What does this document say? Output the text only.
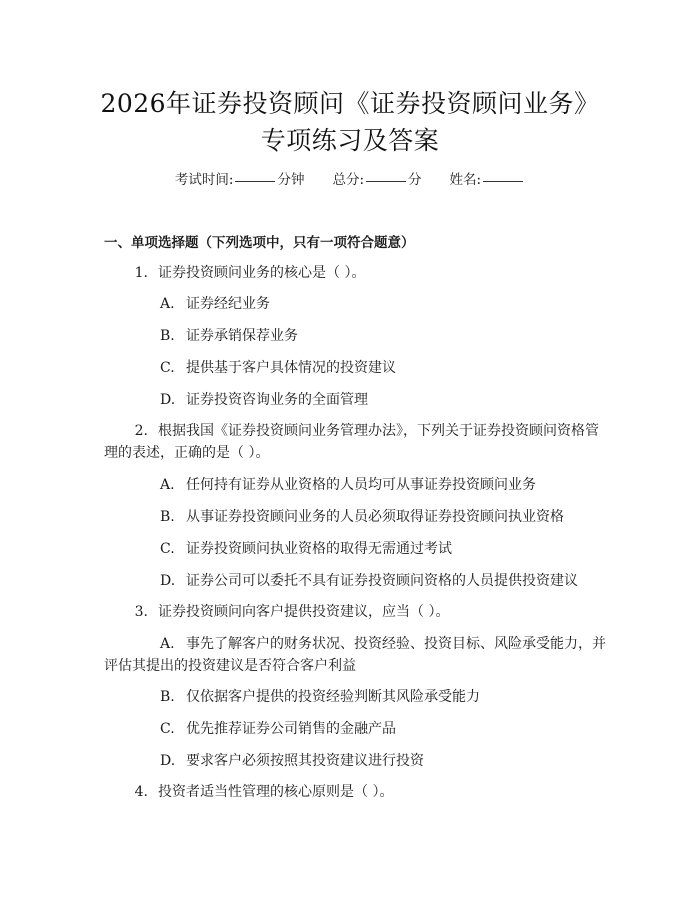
2026年证券投资顾问《证券投资顾问业务》
专项练习及答案
考试时间:	分钟 总分:	分 姓名:
一、单项选择题（下列选项中，只有一项符合题意）
1. 证券投资顾问业务的核心是（ ）。
A. 证券经纪业务
B. 证券承销保荐业务
C. 提供基于客户具体情况的投资建议
D. 证券投资咨询业务的全面管理
2. 根据我国《证券投资顾问业务管理办法》，下列关于证券投资顾问资格管
理的表述，正确的是（ ）。
A. 任何持有证券从业资格的人员均可从事证券投资顾问业务
B. 从事证券投资顾问业务的人员必须取得证券投资顾问执业资格
C. 证券投资顾问执业资格的取得无需通过考试
D. 证券公司可以委托不具有证券投资顾问资格的人员提供投资建议
3. 证券投资顾问向客户提供投资建议，应当（ ）。
A. 事先了解客户的财务状况、投资经验、投资目标、风险承受能力，并
评估其提出的投资建议是否符合客户利益
B. 仅依据客户提供的投资经验判断其风险承受能力
C. 优先推荐证券公司销售的金融产品
D. 要求客户必须按照其投资建议进行投资
4. 投资者适当性管理的核心原则是（ ）。
